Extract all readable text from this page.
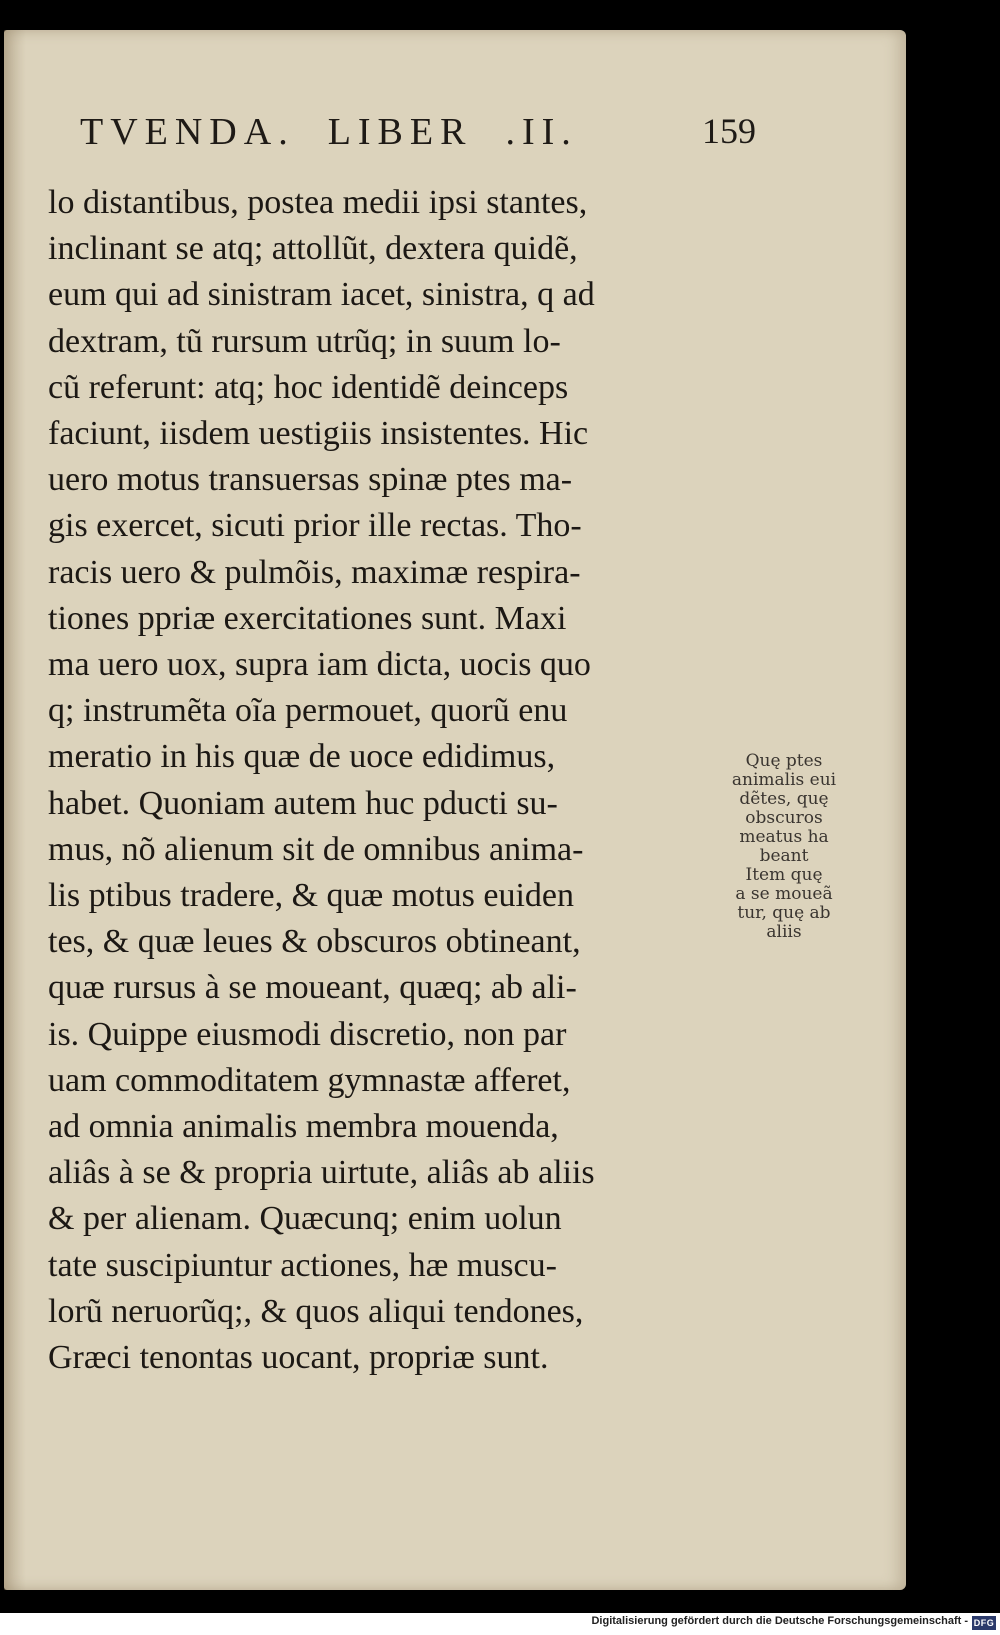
TVENDA.  LIBER  .II.	159
lo distantibus, postea medii ipsi stantes,
inclinant se atq; attollũt, dextera quidẽ,
eum qui ad sinistram iacet, sinistra, q ad
dextram, tũ rursum utrũq; in suum lo-
cũ referunt: atq; hoc identidẽ deinceps
faciunt, iisdem uestigiis insistentes. Hic
uero motus transuersas spinæ ptes ma-
gis exercet, sicuti prior ille rectas. Tho-
racis uero & pulmõis, maximæ respira-
tiones ppriæ exercitationes sunt. Maxi
ma uero uox, supra iam dicta, uocis quo
q; instrumẽta oĩa permouet, quorũ enu
meratio in his quæ de uoce edidimus,
habet. Quoniam autem huc pducti su-
mus, nõ alienum sit de omnibus anima-
lis ptibus tradere, & quæ motus euiden
tes, & quæ leues & obscuros obtineant,
quæ rursus à se moueant, quæq; ab ali-
is. Quippe eiusmodi discretio, non par
uam commoditatem gymnastæ afferet,
ad omnia animalis membra mouenda,
aliâs à se & propria uirtute, aliâs ab aliis
& per alienam. Quæcunq; enim uolun
tate suscipiuntur actiones, hæ muscu-
lorũ neruorũq;, & quos aliqui tendones,
Græci tenontas uocant, propriæ sunt.
Quę ptes
animalis eui
dẽtes, quę
obscuros
meatus ha
beant
Item quę
a se moueã
tur, quę ab
aliis
Digitalisierung gefördert durch die Deutsche Forschungsgemeinschaft - DFG
